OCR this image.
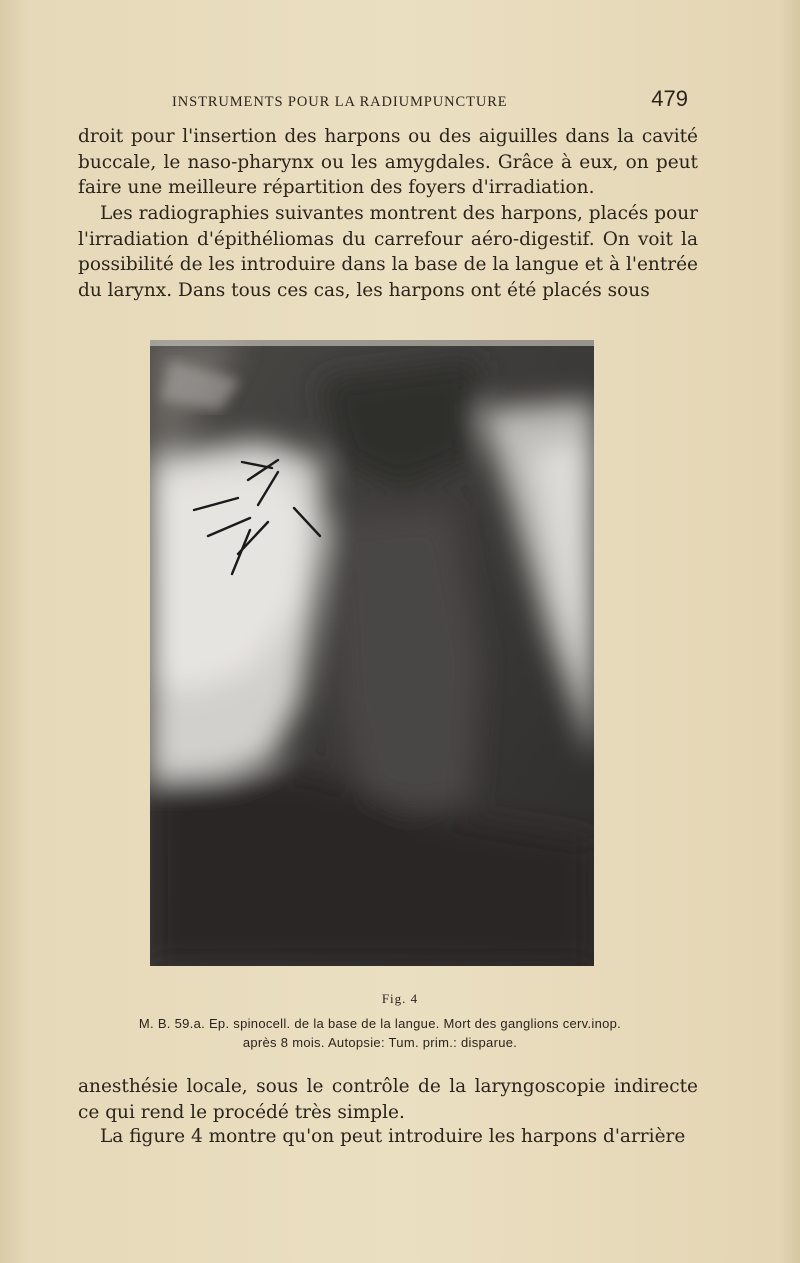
INSTRUMENTS POUR LA RADIUMPUNCTURE	479

droit pour l'insertion des harpons ou des aiguilles dans la cavité buccale, le naso-pharynx ou les amygdales. Grâce à eux, on peut faire une meilleure répartition des foyers d'irradiation.

Les radiographies suivantes montrent des harpons, placés pour l'irradiation d'épithéliomas du carrefour aéro-digestif. On voit la possibilité de les introduire dans la base de la langue et à l'entrée du larynx. Dans tous ces cas, les harpons ont été placés sous

Fig. 4
M. B. 59.a. Ep. spinocell. de la base de la langue. Mort des ganglions cerv.inop.
après 8 mois. Autopsie: Tum. prim.: disparue.

anesthésie locale, sous le contrôle de la laryngoscopie indirecte ce qui rend le procédé très simple.

La figure 4 montre qu'on peut introduire les harpons d'arrière
